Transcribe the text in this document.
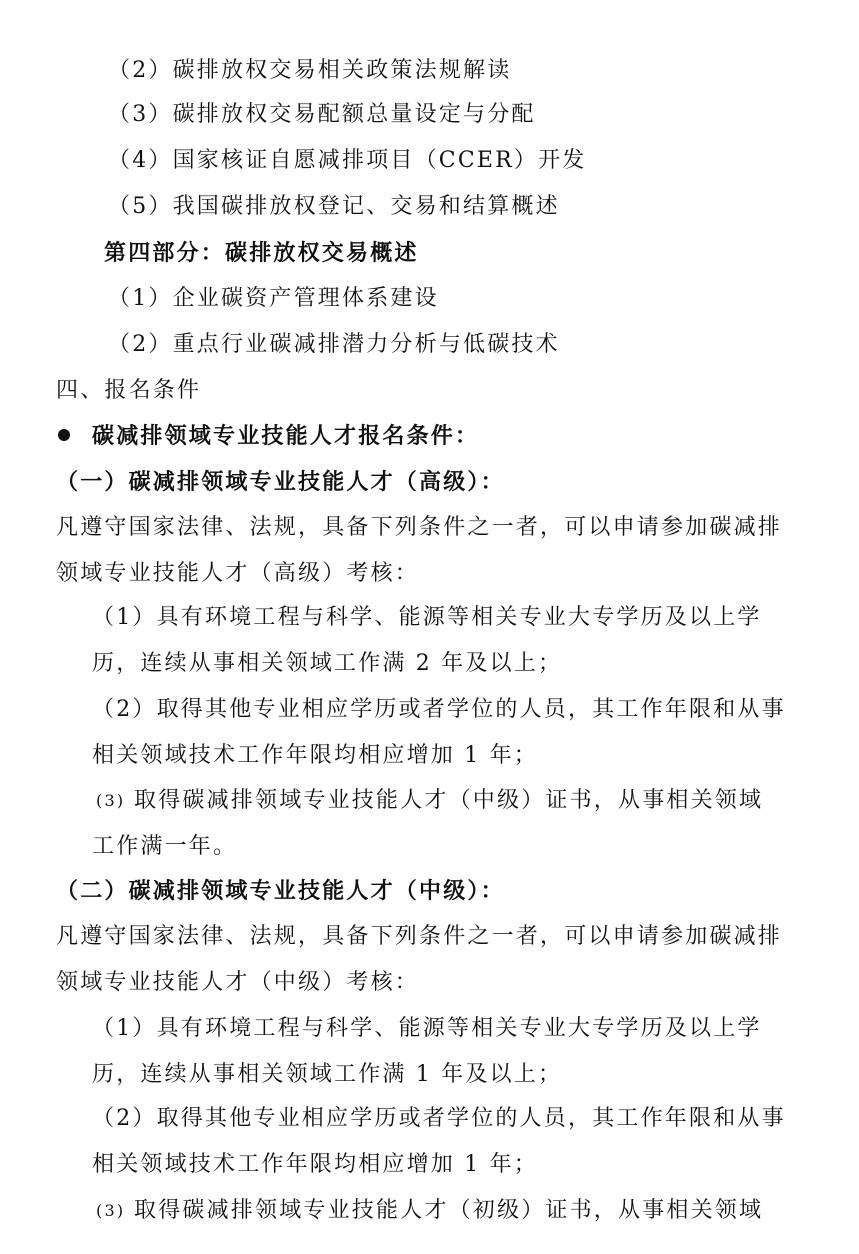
（2）碳排放权交易相关政策法规解读
（3）碳排放权交易配额总量设定与分配
（4）国家核证自愿减排项目（CCER）开发
（5）我国碳排放权登记、交易和结算概述
第四部分：碳排放权交易概述
（1）企业碳资产管理体系建设
（2）重点行业碳减排潜力分析与低碳技术
四、报名条件
碳减排领域专业技能人才报名条件：
（一）碳减排领域专业技能人才（高级）：
凡遵守国家法律、法规，具备下列条件之一者，可以申请参加碳减排
领域专业技能人才（高级）考核：
（1）具有环境工程与科学、能源等相关专业大专学历及以上学
历，连续从事相关领域工作满 2 年及以上；
（2）取得其他专业相应学历或者学位的人员，其工作年限和从事
相关领域技术工作年限均相应增加 1 年；
(3) 取得碳减排领域专业技能人才（中级）证书，从事相关领域
工作满一年。
（二）碳减排领域专业技能人才（中级）：
凡遵守国家法律、法规，具备下列条件之一者，可以申请参加碳减排
领域专业技能人才（中级）考核：
（1）具有环境工程与科学、能源等相关专业大专学历及以上学
历，连续从事相关领域工作满 1 年及以上；
（2）取得其他专业相应学历或者学位的人员，其工作年限和从事
相关领域技术工作年限均相应增加 1 年；
(3) 取得碳减排领域专业技能人才（初级）证书，从事相关领域
